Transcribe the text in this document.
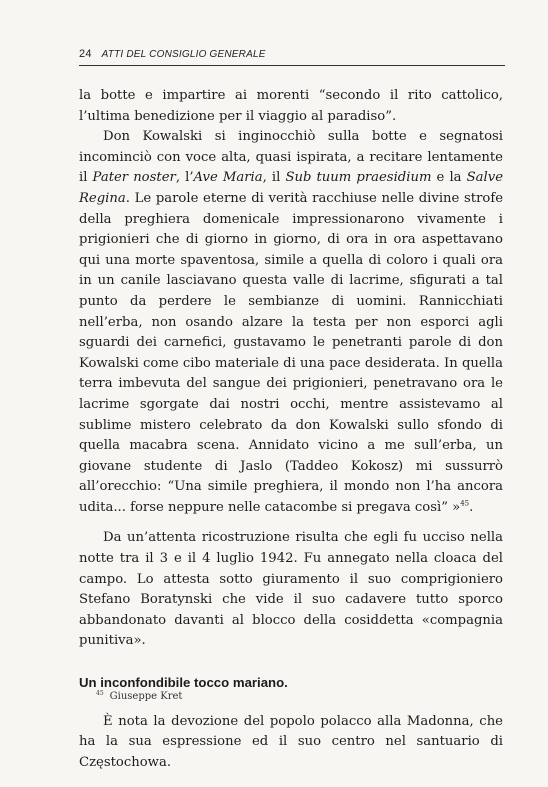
24 ATTI DEL CONSIGLIO GENERALE

la botte e impartire ai morenti “secondo il rito cattolico, l’ultima benedizione per il viaggio al paradiso”.

Don Kowalski si inginocchiò sulla botte e segnatosi incominciò con voce alta, quasi ispirata, a recitare lentamente il Pater noster, l’Ave Maria, il Sub tuum praesidium e la Salve Regina. Le parole eterne di verità racchiuse nelle divine strofe della preghiera domenicale impressionarono vivamente i prigionieri che di giorno in giorno, di ora in ora aspettavano qui una morte spaventosa, simile a quella di coloro i quali ora in un canile lasciavano questa valle di lacrime, sfigurati a tal punto da perdere le sembianze di uomini. Rannicchiati nell’erba, non osando alzare la testa per non esporci agli sguardi dei carnefici, gustavamo le penetranti parole di don Kowalski come cibo materiale di una pace desiderata. In quella terra imbevuta del sangue dei prigionieri, penetravano ora le lacrime sgorgate dai nostri occhi, mentre assistevamo al sublime mistero celebrato da don Kowalski sullo sfondo di quella macabra scena. Annidato vicino a me sull’erba, un giovane studente di Jaslo (Taddeo Kokosz) mi sussurrò all’orecchio: “Una simile preghiera, il mondo non l’ha ancora udita... forse neppure nelle catacombe si pregava così” »$^{45}$.

Da un’attenta ricostruzione risulta che egli fu ucciso nella notte tra il 3 e il 4 luglio 1942. Fu annegato nella cloaca del campo. Lo attesta sotto giuramento il suo comprigioniero Stefano Boratynski che vide il suo cadavere tutto sporco abbandonato davanti al blocco della cosiddetta «compagnia punitiva».

Un inconfondibile tocco mariano.

È nota la devozione del popolo polacco alla Madonna, che ha la sua espressione ed il suo centro nel santuario di Częstochowa.

$^{45}$ Giuseppe Kret
